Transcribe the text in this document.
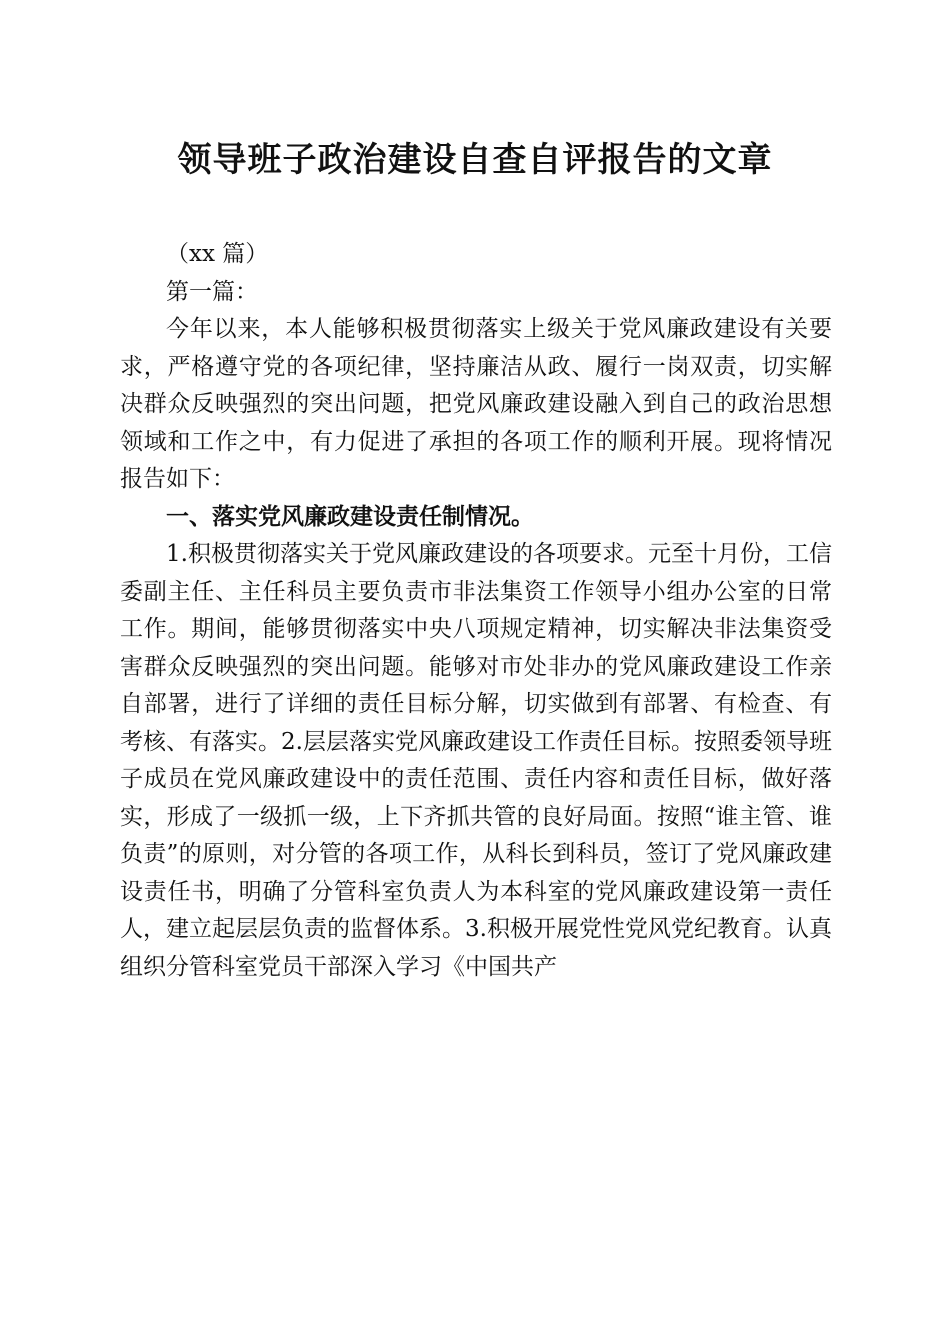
领导班子政治建设自查自评报告的文章

（xx 篇）

第一篇：

今年以来，本人能够积极贯彻落实上级关于党风廉政建设有关要求，严格遵守党的各项纪律，坚持廉洁从政、履行一岗双责，切实解决群众反映强烈的突出问题，把党风廉政建设融入到自己的政治思想领域和工作之中，有力促进了承担的各项工作的顺利开展。现将情况报告如下：

一、落实党风廉政建设责任制情况。

1.积极贯彻落实关于党风廉政建设的各项要求。元至十月份，工信委副主任、主任科员主要负责市非法集资工作领导小组办公室的日常工作。期间，能够贯彻落实中央八项规定精神，切实解决非法集资受害群众反映强烈的突出问题。能够对市处非办的党风廉政建设工作亲自部署，进行了详细的责任目标分解，切实做到有部署、有检查、有考核、有落实。2.层层落实党风廉政建设工作责任目标。按照委领导班子成员在党风廉政建设中的责任范围、责任内容和责任目标，做好落实，形成了一级抓一级，上下齐抓共管的良好局面。按照“谁主管、谁负责”的原则，对分管的各项工作，从科长到科员，签订了党风廉政建设责任书，明确了分管科室负责人为本科室的党风廉政建设第一责任人，建立起层层负责的监督体系。3.积极开展党性党风党纪教育。认真组织分管科室党员干部深入学习《中国共产
